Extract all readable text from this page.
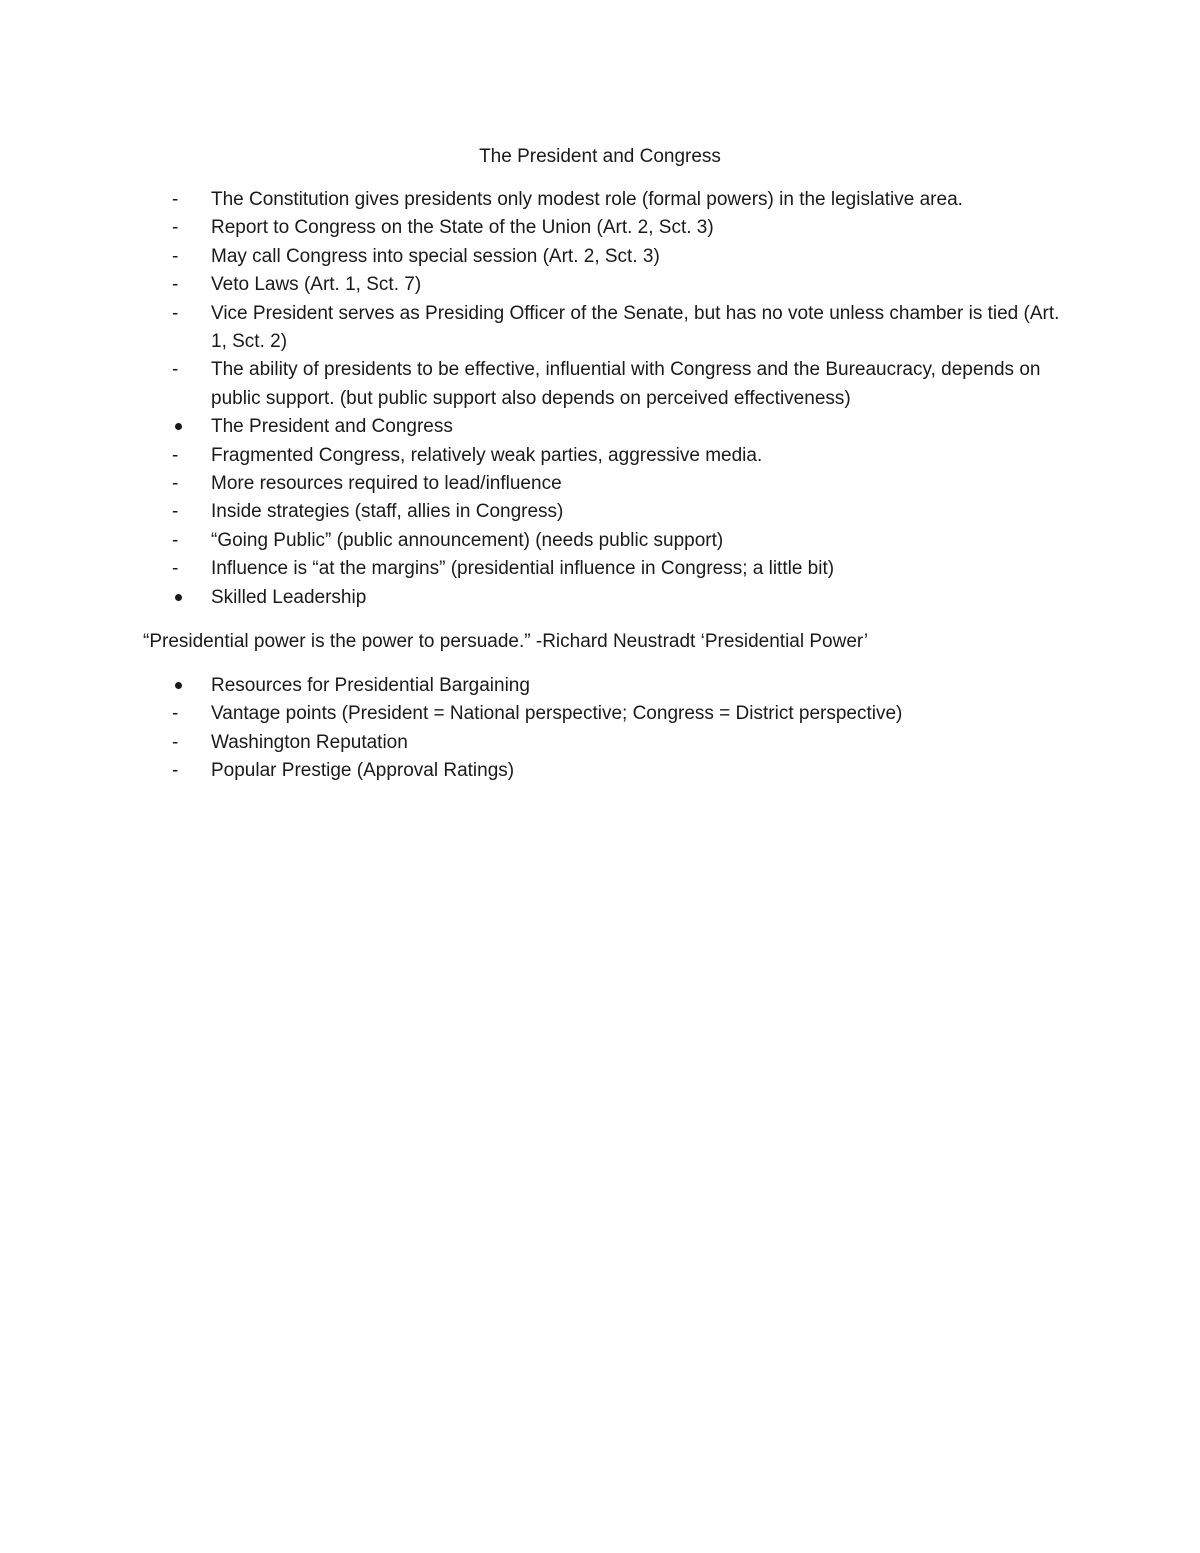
The President and Congress
-
The Constitution gives presidents only modest role (formal powers) in the legislative area.
-
Report to Congress on the State of the Union (Art. 2, Sct. 3)
-
May call Congress into special session (Art. 2, Sct. 3)
-
Veto Laws (Art. 1, Sct. 7)
-
Vice President serves as Presiding Officer of the Senate, but has no vote unless chamber is tied (Art. 1, Sct. 2)
-
The ability of presidents to be effective, influential with Congress and the Bureaucracy, depends on public support. (but public support also depends on perceived effectiveness)
The President and Congress
-
Fragmented Congress, relatively weak parties, aggressive media.
-
More resources required to lead/influence
-
Inside strategies (staff, allies in Congress)
-
“Going Public” (public announcement) (needs public support)
-
Influence is “at the margins” (presidential influence in Congress; a little bit)
Skilled Leadership
“Presidential power is the power to persuade.” -Richard Neustradt ‘Presidential Power’
Resources for Presidential Bargaining
-
Vantage points (President = National perspective; Congress = District perspective)
-
Washington Reputation
-
Popular Prestige (Approval Ratings)
